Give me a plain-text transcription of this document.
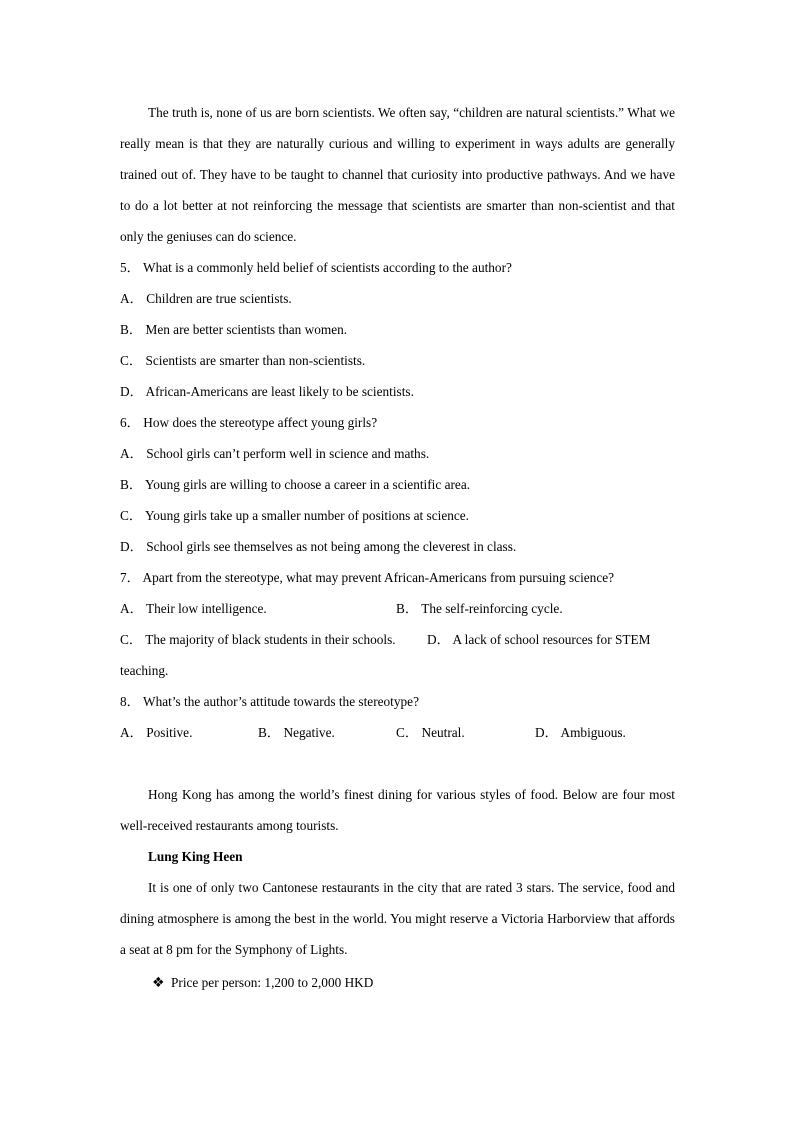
The truth is, none of us are born scientists. We often say, “children are natural scientists.” What we really mean is that they are naturally curious and willing to experiment in ways adults are generally trained out of. They have to be taught to channel that curiosity into productive pathways. And we have to do a lot better at not reinforcing the message that scientists are smarter than non-scientist and that only the geniuses can do science.

5． What is a commonly held belief of scientists according to the author?
A． Children are true scientists.
B． Men are better scientists than women.
C． Scientists are smarter than non-scientists.
D． African-Americans are least likely to be scientists.
6． How does the stereotype affect young girls?
A． School girls can’t perform well in science and maths.
B． Young girls are willing to choose a career in a scientific area.
C． Young girls take up a smaller number of positions at science.
D． School girls see themselves as not being among the cleverest in class.
7． Apart from the stereotype, what may prevent African-Americans from pursuing science?
A． Their low intelligence.	B． The self-reinforcing cycle.
C． The majority of black students in their schools. D． A lack of school resources for STEM
teaching.
8． What’s the author’s attitude towards the stereotype?
A． Positive.	B． Negative.	C． Neutral.	D． Ambiguous.

Hong Kong has among the world’s finest dining for various styles of food. Below are four most well-received restaurants among tourists.

Lung King Heen

It is one of only two Cantonese restaurants in the city that are rated 3 stars. The service, food and dining atmosphere is among the best in the world. You might reserve a Victoria Harborview that affords a seat at 8 pm for the Symphony of Lights.

❖ Price per person: 1,200 to 2,000 HKD
